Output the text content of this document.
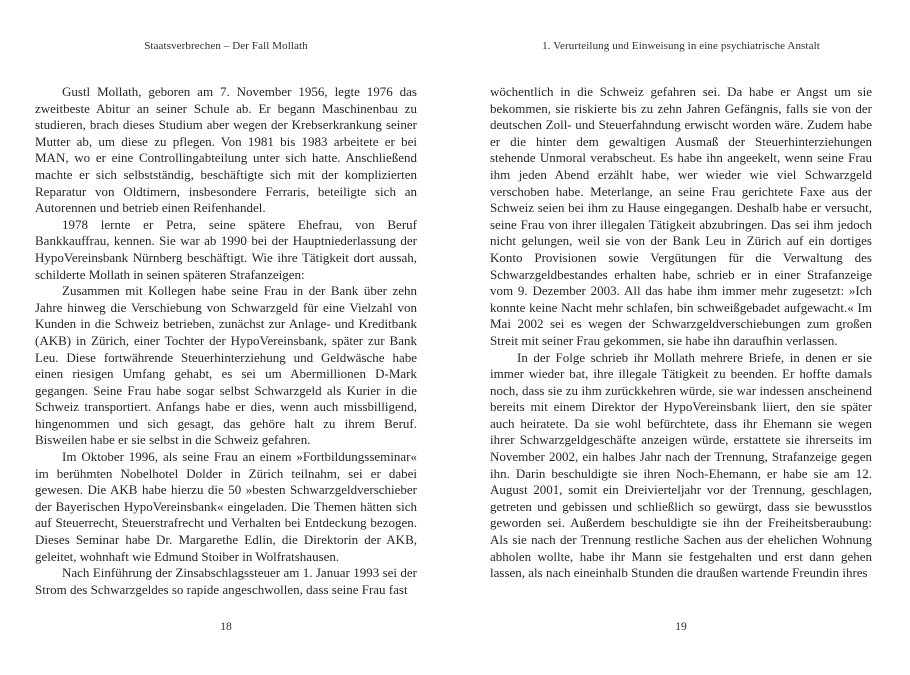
Staatsverbrechen – Der Fall Mollath

Gustl Mollath, geboren am 7. November 1956, legte 1976 das zweitbeste Abitur an seiner Schule ab. Er begann Maschinenbau zu studieren, brach dieses Studium aber wegen der Krebserkrankung seiner Mutter ab, um diese zu pflegen. Von 1981 bis 1983 arbeitete er bei MAN, wo er eine Controllingabteilung unter sich hatte. Anschließend machte er sich selbstständig, beschäftigte sich mit der komplizierten Reparatur von Oldtimern, insbesondere Ferraris, beteiligte sich an Autorennen und betrieb einen Reifenhandel.

1978 lernte er Petra, seine spätere Ehefrau, von Beruf Bankkauffrau, kennen. Sie war ab 1990 bei der Hauptniederlassung der HypoVereinsbank Nürnberg beschäftigt. Wie ihre Tätigkeit dort aussah, schilderte Mollath in seinen späteren Strafanzeigen:

Zusammen mit Kollegen habe seine Frau in der Bank über zehn Jahre hinweg die Verschiebung von Schwarzgeld für eine Vielzahl von Kunden in die Schweiz betrieben, zunächst zur Anlage- und Kreditbank (AKB) in Zürich, einer Tochter der HypoVereinsbank, später zur Bank Leu. Diese fortwährende Steuerhinterziehung und Geldwäsche habe einen riesigen Umfang gehabt, es sei um Abermillionen D-Mark gegangen. Seine Frau habe sogar selbst Schwarzgeld als Kurier in die Schweiz transportiert. Anfangs habe er dies, wenn auch missbilligend, hingenommen und sich gesagt, das gehöre halt zu ihrem Beruf. Bisweilen habe er sie selbst in die Schweiz gefahren.

Im Oktober 1996, als seine Frau an einem »Fortbildungsseminar« im berühmten Nobelhotel Dolder in Zürich teilnahm, sei er dabei gewesen. Die AKB habe hierzu die 50 »besten Schwarzgeldverschieber der Bayerischen HypoVereinsbank« eingeladen. Die Themen hätten sich auf Steuerrecht, Steuerstrafrecht und Verhalten bei Entdeckung bezogen. Dieses Seminar habe Dr. Margarethe Edlin, die Direktorin der AKB, geleitet, wohnhaft wie Edmund Stoiber in Wolfratshausen.

Nach Einführung der Zinsabschlagssteuer am 1. Januar 1993 sei der Strom des Schwarzgeldes so rapide angeschwollen, dass seine Frau fast

18
1. Verurteilung und Einweisung in eine psychiatrische Anstalt

wöchentlich in die Schweiz gefahren sei. Da habe er Angst um sie bekommen, sie riskierte bis zu zehn Jahren Gefängnis, falls sie von der deutschen Zoll- und Steuerfahndung erwischt worden wäre. Zudem habe er die hinter dem gewaltigen Ausmaß der Steuerhinterziehungen stehende Unmoral verabscheut. Es habe ihn angeekelt, wenn seine Frau ihm jeden Abend erzählt habe, wer wieder wie viel Schwarzgeld verschoben habe. Meterlange, an seine Frau gerichtete Faxe aus der Schweiz seien bei ihm zu Hause eingegangen. Deshalb habe er versucht, seine Frau von ihrer illegalen Tätigkeit abzubringen. Das sei ihm jedoch nicht gelungen, weil sie von der Bank Leu in Zürich auf ein dortiges Konto Provisionen sowie Vergütungen für die Verwaltung des Schwarzgeldbestandes erhalten habe, schrieb er in einer Strafanzeige vom 9. Dezember 2003. All das habe ihm immer mehr zugesetzt: »Ich konnte keine Nacht mehr schlafen, bin schweißgebadet aufgewacht.« Im Mai 2002 sei es wegen der Schwarzgeldverschiebungen zum großen Streit mit seiner Frau gekommen, sie habe ihn daraufhin verlassen.

In der Folge schrieb ihr Mollath mehrere Briefe, in denen er sie immer wieder bat, ihre illegale Tätigkeit zu beenden. Er hoffte damals noch, dass sie zu ihm zurückkehren würde, sie war indessen anscheinend bereits mit einem Direktor der HypoVereinsbank liiert, den sie später auch heiratete. Da sie wohl befürchtete, dass ihr Ehemann sie wegen ihrer Schwarzgeldgeschäfte anzeigen würde, erstattete sie ihrerseits im November 2002, ein halbes Jahr nach der Trennung, Strafanzeige gegen ihn. Darin beschuldigte sie ihren Noch-Ehemann, er habe sie am 12. August 2001, somit ein Dreivierteljahr vor der Trennung, geschlagen, getreten und gebissen und schließlich so gewürgt, dass sie bewusstlos geworden sei. Außerdem beschuldigte sie ihn der Freiheitsberaubung: Als sie nach der Trennung restliche Sachen aus der ehelichen Wohnung abholen wollte, habe ihr Mann sie festgehalten und erst dann gehen lassen, als nach eineinhalb Stunden die draußen wartende Freundin ihres

19
